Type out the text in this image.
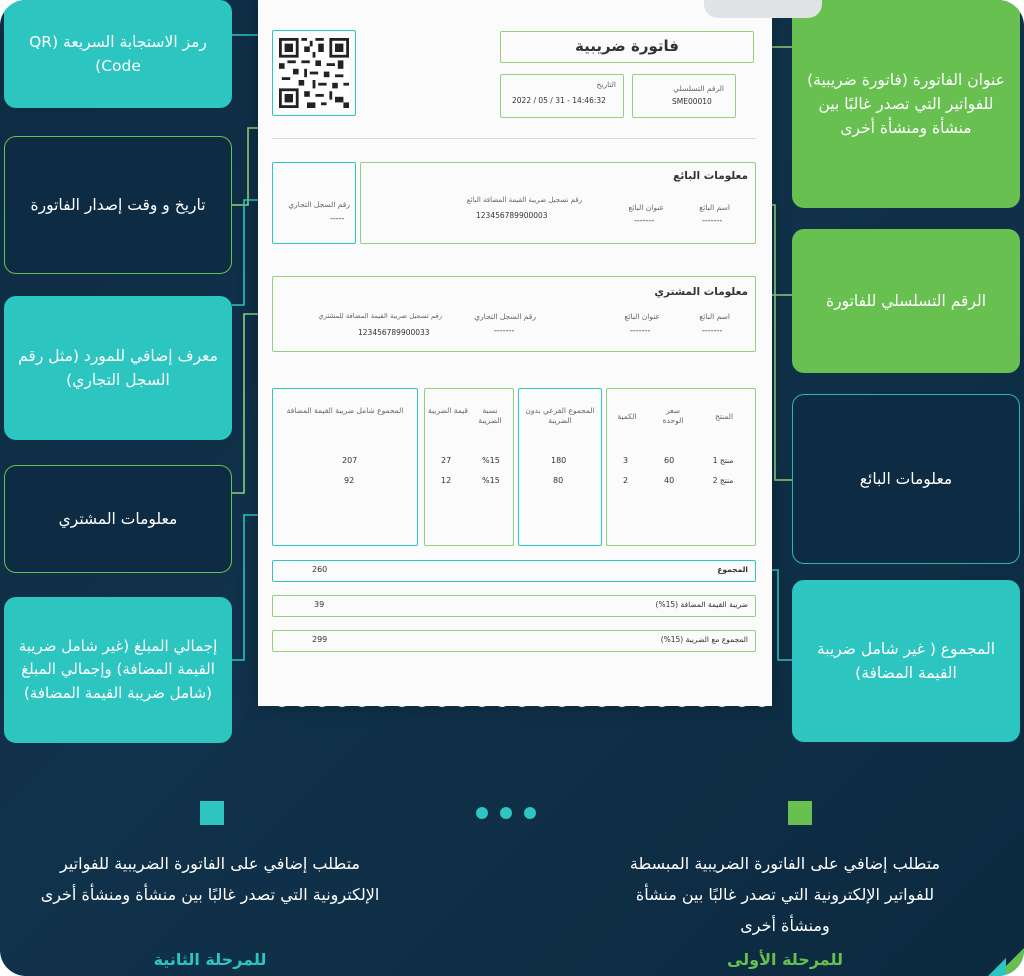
رمز الاستجابة السريعة (QR Code)
تاريخ و وقت إصدار الفاتورة
معرف إضافي للمورد (مثل رقم السجل التجاري)
معلومات المشتري
إجمالي المبلغ (غير شامل ضريبة القيمة المضافة) وإجمالي المبلغ (شامل ضريبة القيمة المضافة)
عنوان الفاتورة (فاتورة ضريبية) للفواتير التي تصدر غالبًا بين منشأة ومنشأة أخرى
الرقم التسلسلي للفاتورة
معلومات البائع
المجموع ( غير شامل ضريبة القيمة المضافة)
فاتورة ضريبية
التاريخ
2022 / 05 / 31 - 14:46:32
الرقم التسلسلي
SME00010
رقم السجل التجاري
-----
معلومات البائع
اسم البائع
-------
عنوان البائع
-------
رقم تسجيل ضريبة القيمة المضافة البائع
123456789900003
معلومات المشتري
اسم البائع
-------
عنوان البائع
-------
رقم السجل التجاري
-------
رقم تسجيل ضريبة القيمة المضافة للمشتري
123456789900033
المنتج
سعر الوحدة
الكمية
المجموع الفرعي بدون الضريبة
نسبة الضريبة
قيمة الضريبة
المجموع شامل ضريبة القيمة المضافة
منتج 1
60
3
180
%15
27
207
منتج 2
40
2
80
%15
12
92
المجموع
260
ضريبة القيمة المضافة (15%)
39
المجموع مع الضريبة (15%)
299
متطلب إضافي على الفاتورة الضريبية للفواتير الإلكترونية التي تصدر غالبًا بين منشأة ومنشأة أخرى
للمرحلة الثانية
متطلب إضافي على الفاتورة الضريبية المبسطة للفواتير الإلكترونية التي تصدر غالبًا بين منشأة ومنشأة أخرى
للمرحلة الأولى
